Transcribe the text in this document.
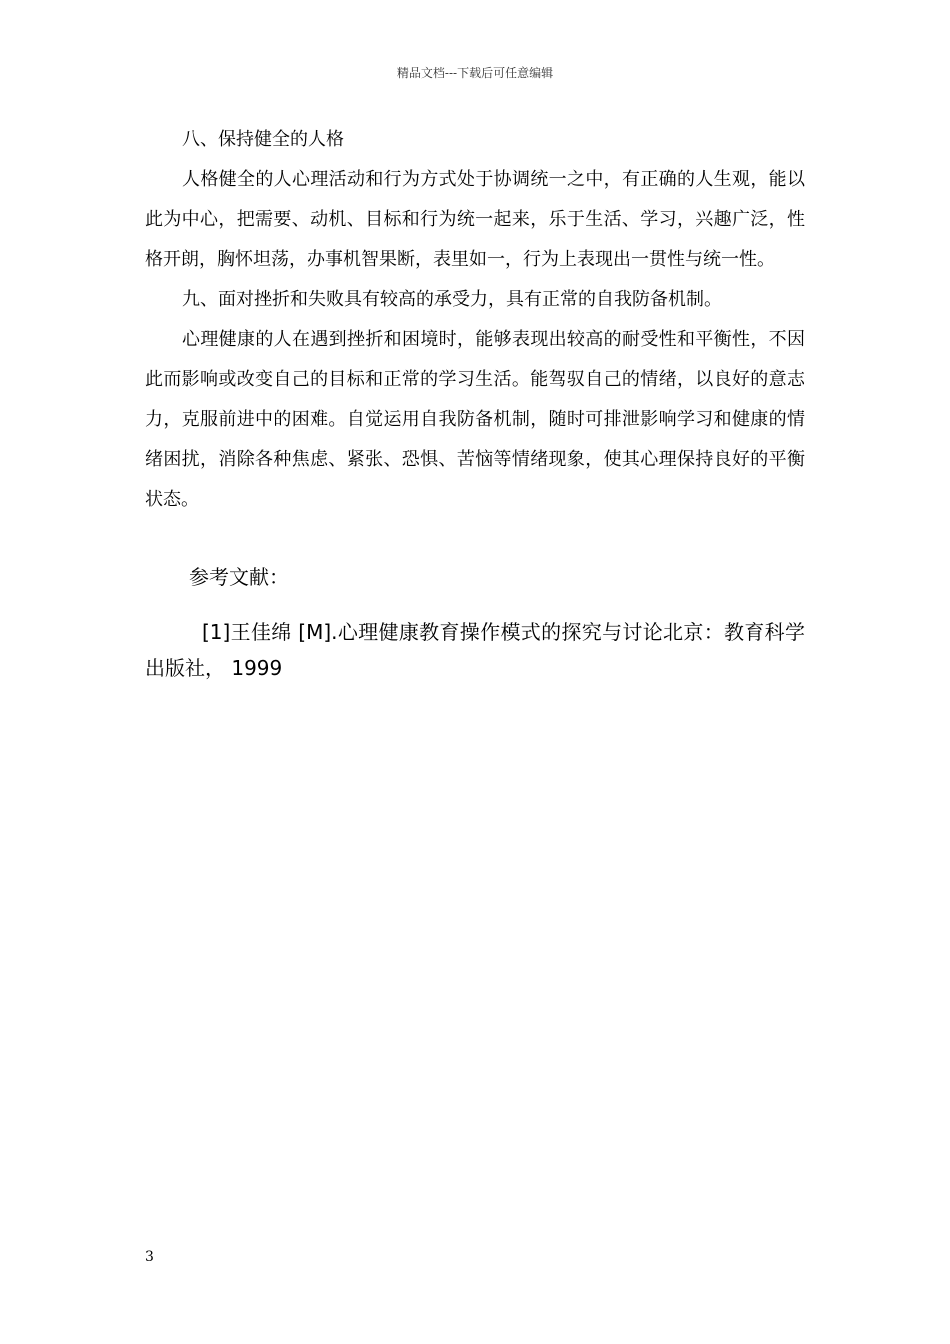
精品文档---下载后可任意编辑
八、保持健全的人格

人格健全的人心理活动和行为方式处于协调统一之中，有正确的人生观，能以此为中心，把需要、动机、目标和行为统一起来，乐于生活、学习，兴趣广泛，性格开朗，胸怀坦荡，办事机智果断，表里如一，行为上表现出一贯性与统一性。

九、面对挫折和失败具有较高的承受力，具有正常的自我防备机制。

心理健康的人在遇到挫折和困境时，能够表现出较高的耐受性和平衡性，不因此而影响或改变自己的目标和正常的学习生活。能驾驭自己的情绪，以良好的意志力，克服前进中的困难。自觉运用自我防备机制，随时可排泄影响学习和健康的情绪困扰，消除各种焦虑、紧张、恐惧、苦恼等情绪现象，使其心理保持良好的平衡状态。

参考文献：

[1]王佳绵 [M].心理健康教育操作模式的探究与讨论北京：教育科学出版社， 1999

3
